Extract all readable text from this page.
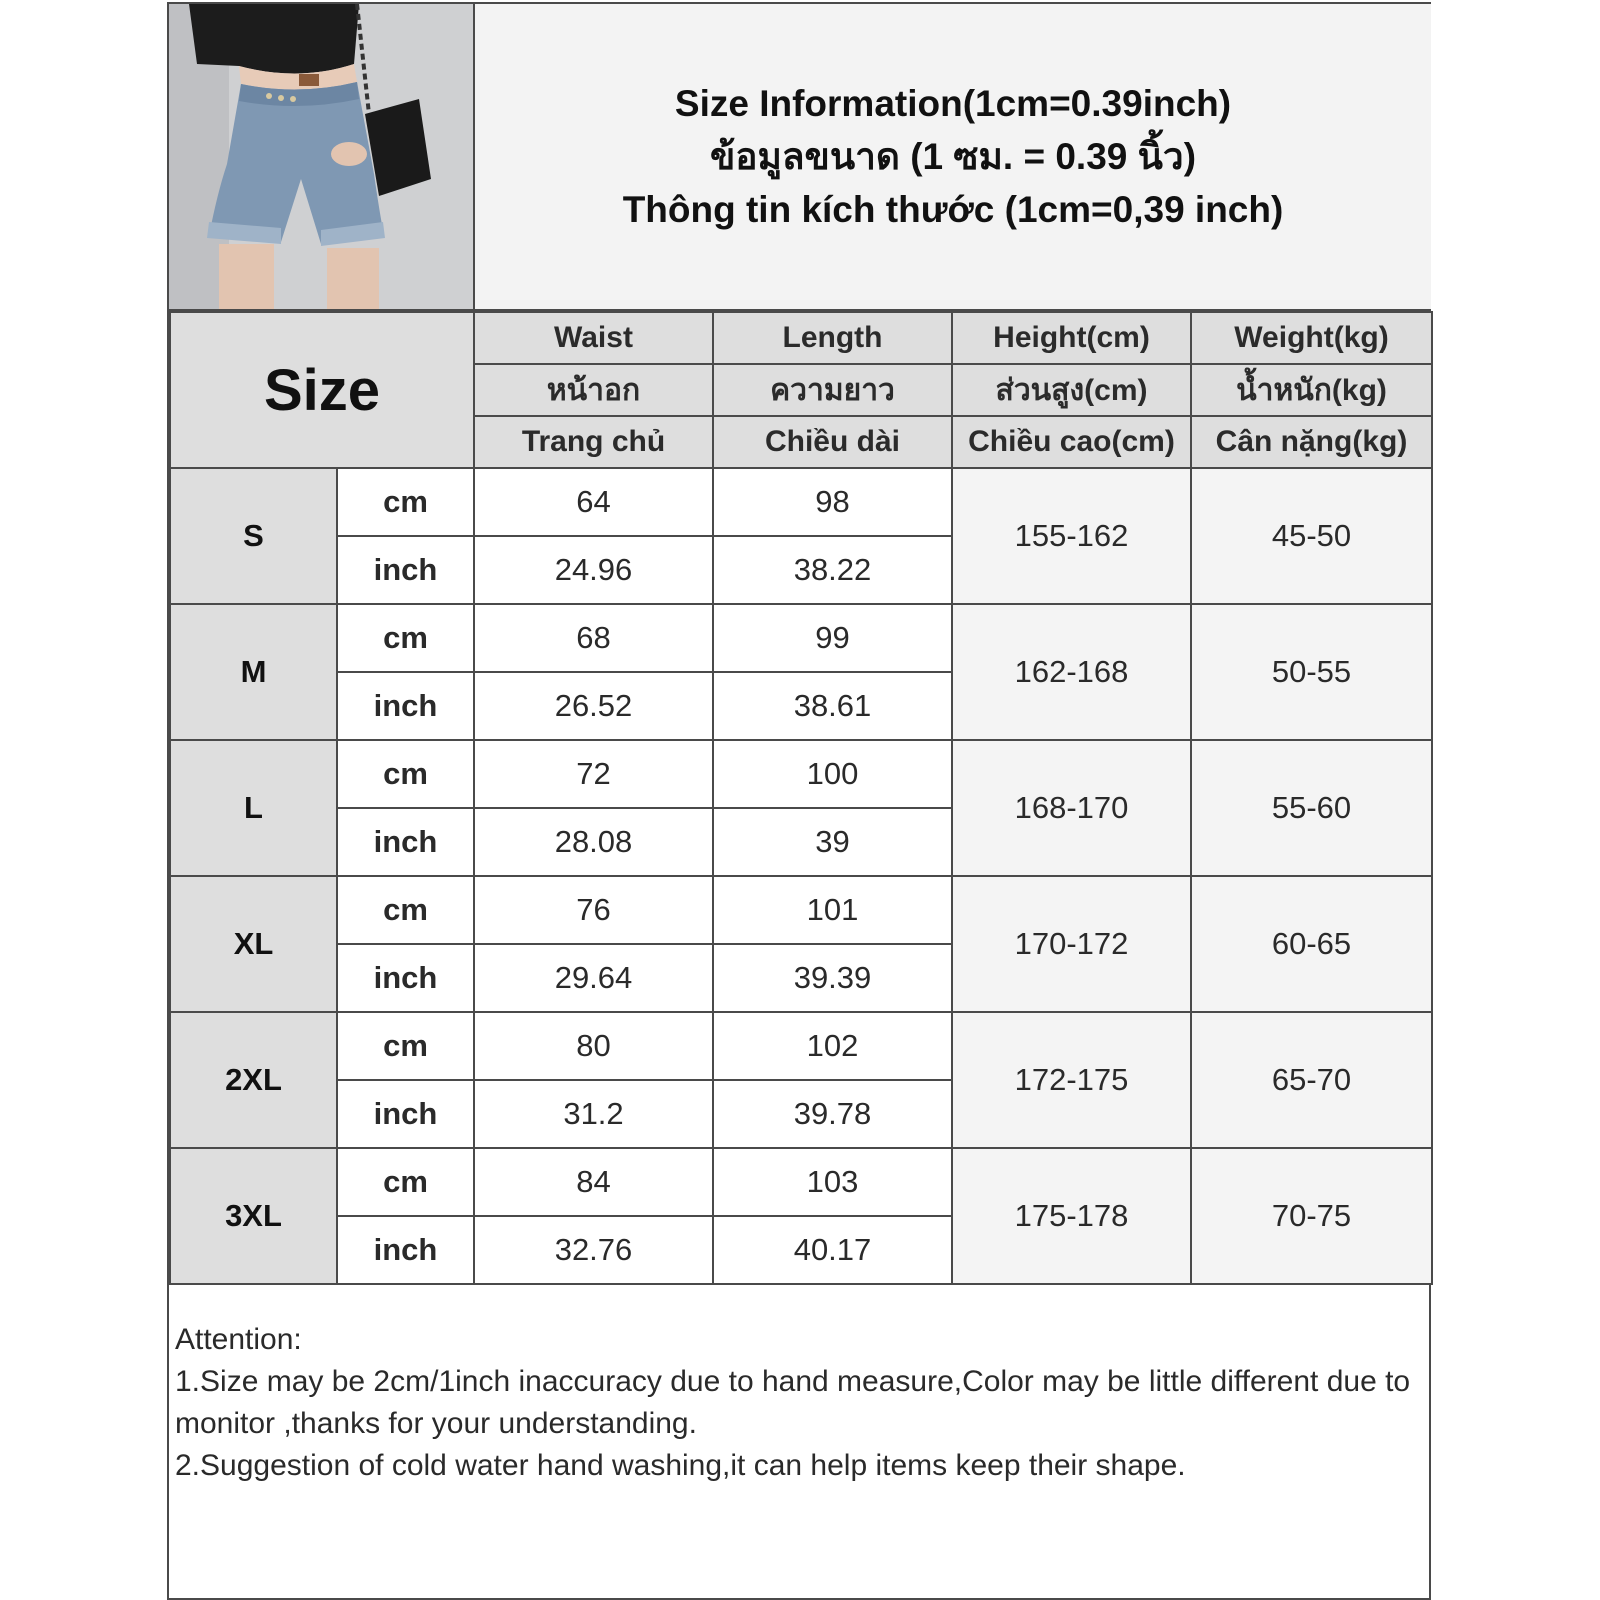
Size Information(1cm=0.39inch)
ข้อมูลขนาด (1 ซม. = 0.39 นิ้ว)
Thông tin kích thước (1cm=0,39 inch)
Size		Waist	Length	Height(cm)	Weight(kg)
		หน้าอก	ความยาว	ส่วนสูง(cm)	น้ำหนัก(kg)
		Trang chủ	Chiều dài	Chiều cao(cm)	Cân nặng(kg)
S	cm	64	98	155-162	45-50
	inch	24.96	38.22		
M	cm	68	99	162-168	50-55
	inch	26.52	38.61		
L	cm	72	100	168-170	55-60
	inch	28.08	39		
XL	cm	76	101	170-172	60-65
	inch	29.64	39.39		
2XL	cm	80	102	172-175	65-70
	inch	31.2	39.78		
3XL	cm	84	103	175-178	70-75
	inch	32.76	40.17		
Attention:
1.Size may be 2cm/1inch inaccuracy due to hand measure,Color may be little different due to monitor ,thanks for your understanding.
2.Suggestion of cold water hand washing,it can help items keep their shape.
